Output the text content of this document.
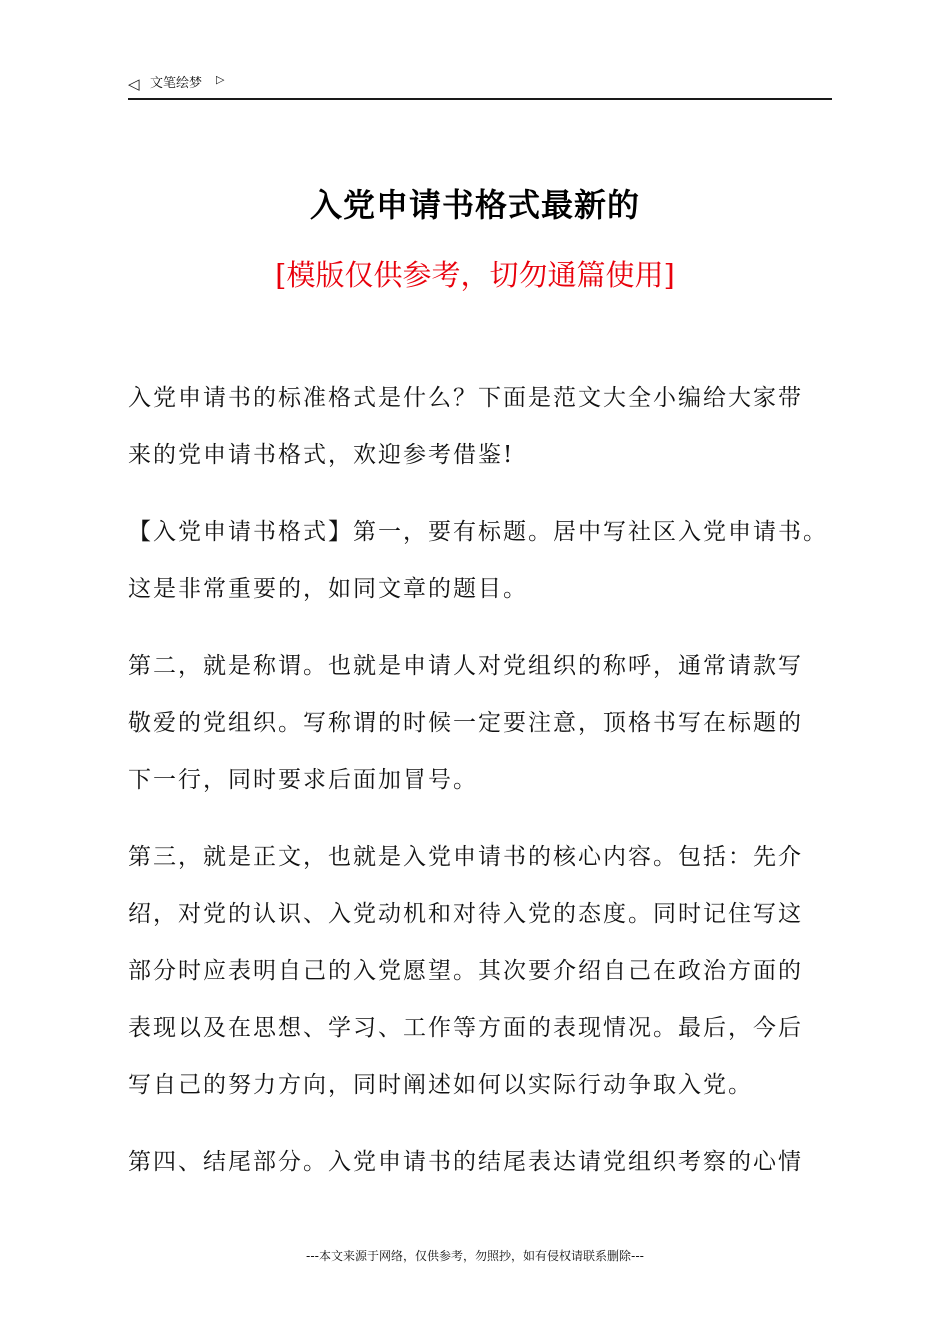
◁ 文笔绘梦 ▷
入党申请书格式最新的
[模版仅供参考，切勿通篇使用]

入党申请书的标准格式是什么？下面是范文大全小编给大家带
来的党申请书格式，欢迎参考借鉴!

【入党申请书格式】第一，要有标题。居中写社区入党申请书。
这是非常重要的，如同文章的题目。

第二，就是称谓。也就是申请人对党组织的称呼，通常请款写
敬爱的党组织。写称谓的时候一定要注意，顶格书写在标题的
下一行，同时要求后面加冒号。

第三，就是正文，也就是入党申请书的核心内容。包括：先介
绍，对党的认识、入党动机和对待入党的态度。同时记住写这
部分时应表明自己的入党愿望。其次要介绍自己在政治方面的
表现以及在思想、学习、工作等方面的表现情况。最后，今后
写自己的努力方向，同时阐述如何以实际行动争取入党。

第四、结尾部分。入党申请书的结尾表达请党组织考察的心情

---本文来源于网络，仅供参考，勿照抄，如有侵权请联系删除---
